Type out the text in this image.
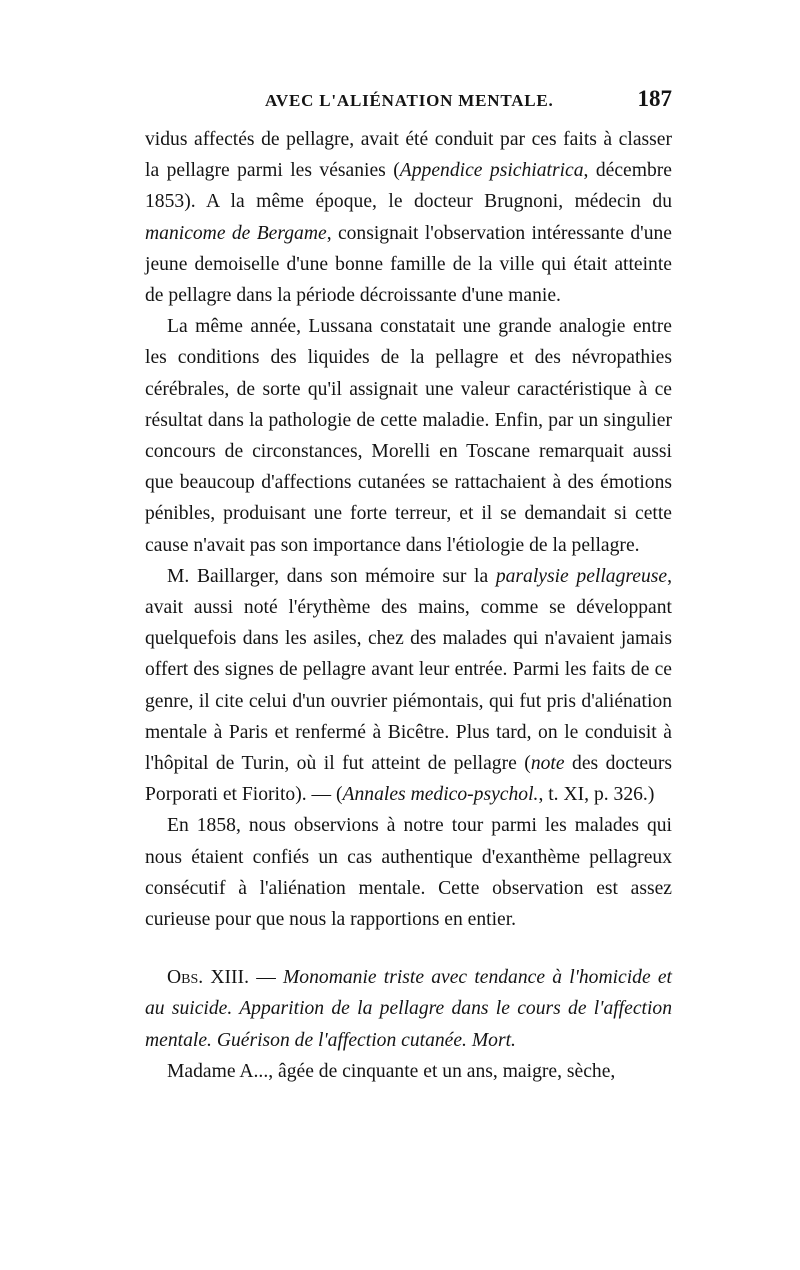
AVEC L'ALIÉNATION MENTALE.	187

vidus affectés de pellagre, avait été conduit par ces faits à classer la pellagre parmi les vésanies (Appendice psichiatrica, décembre 1853). A la même époque, le docteur Brugnoni, médecin du manicome de Bergame, consignait l'observation intéressante d'une jeune demoiselle d'une bonne famille de la ville qui était atteinte de pellagre dans la période décroissante d'une manie.

La même année, Lussana constatait une grande analogie entre les conditions des liquides de la pellagre et des névropathies cérébrales, de sorte qu'il assignait une valeur caractéristique à ce résultat dans la pathologie de cette maladie. Enfin, par un singulier concours de circonstances, Morelli en Toscane remarquait aussi que beaucoup d'affections cutanées se rattachaient à des émotions pénibles, produisant une forte terreur, et il se demandait si cette cause n'avait pas son importance dans l'étiologie de la pellagre.

M. Baillarger, dans son mémoire sur la paralysie pellagreuse, avait aussi noté l'érythème des mains, comme se développant quelquefois dans les asiles, chez des malades qui n'avaient jamais offert des signes de pellagre avant leur entrée. Parmi les faits de ce genre, il cite celui d'un ouvrier piémontais, qui fut pris d'aliénation mentale à Paris et renfermé à Bicêtre. Plus tard, on le conduisit à l'hôpital de Turin, où il fut atteint de pellagre (note des docteurs Porporati et Fiorito). — (Annales medico-psychol., t. XI, p. 326.)

En 1858, nous observions à notre tour parmi les malades qui nous étaient confiés un cas authentique d'exanthème pellagreux consécutif à l'aliénation mentale. Cette observation est assez curieuse pour que nous la rapportions en entier.

Obs. XIII. — Monomanie triste avec tendance à l'homicide et au suicide. Apparition de la pellagre dans le cours de l'affection mentale. Guérison de l'affection cutanée. Mort.

Madame A..., âgée de cinquante et un ans, maigre, sèche,
